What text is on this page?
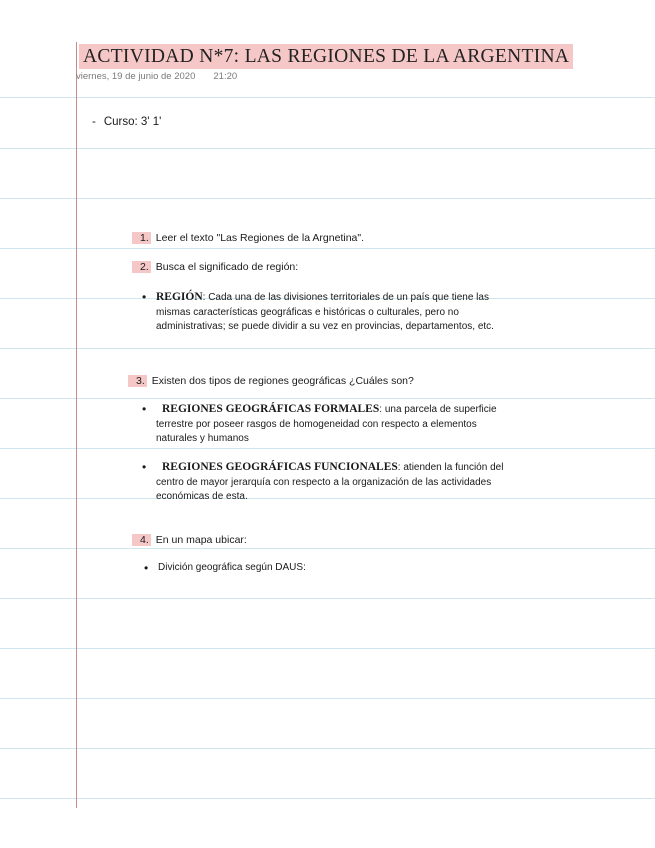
ACTIVIDAD N*7: LAS REGIONES DE LA ARGENTINA
viernes, 19 de junio de 2020 21:20
- Curso: 3' 1'
1. Leer el texto "Las Regiones de la Argnetina".
2. Busca el significado de región:
• REGIÓN: Cada una de las divisiones territoriales de un país que tiene las mismas características geográficas e históricas o culturales, pero no administrativas; se puede dividir a su vez en provincias, departamentos, etc.
3. Existen dos tipos de regiones geográficas ¿Cuáles son?
• REGIONES GEOGRÁFICAS FORMALES: una parcela de superficie terrestre por poseer rasgos de homogeneidad con respecto a elementos naturales y humanos
• REGIONES GEOGRÁFICAS FUNCIONALES: atienden la función del centro de mayor jerarquía con respecto a la organización de las actividades económicas de esta.
4. En un mapa ubicar:
• Divición geográfica según DAUS:
